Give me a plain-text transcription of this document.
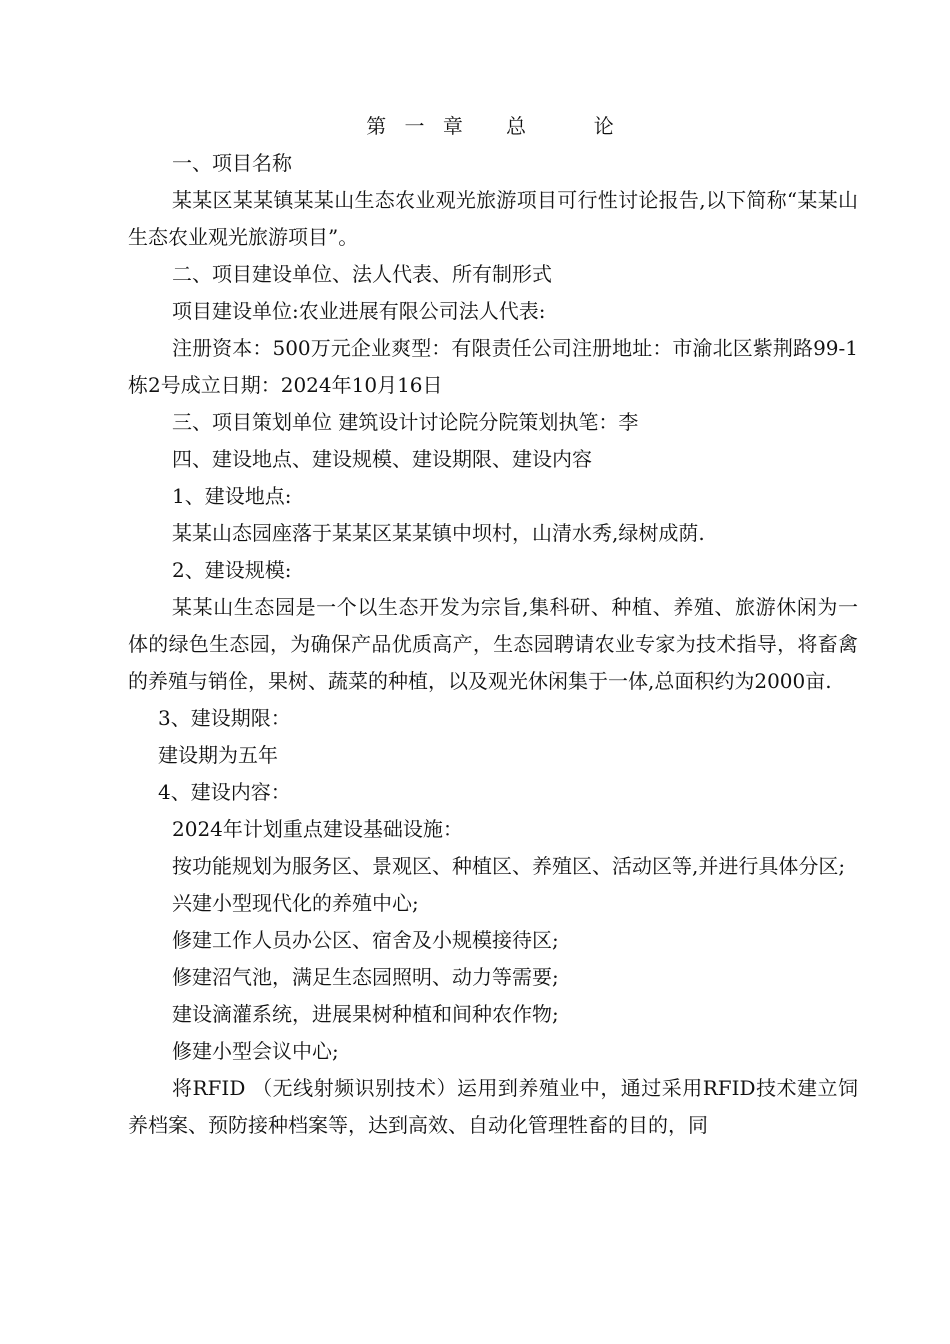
第 一 章   总     论

一、项目名称

某某区某某镇某某山生态农业观光旅游项目可行性讨论报告,以下简称“某某山生态农业观光旅游项目”。

二、项目建设单位、法人代表、所有制形式

项目建设单位:农业进展有限公司法人代表:

注册资本：500万元企业爽型：有限责任公司注册地址：市渝北区紫荆路99-1栋2号成立日期：2024年10月16日

三、项目策划单位 建筑设计讨论院分院策划执笔：李

四、建设地点、建设规模、建设期限、建设内容

1、建设地点:

某某山态园座落于某某区某某镇中坝村，山清水秀,绿树成荫.

2、建设规模:

某某山生态园是一个以生态开发为宗旨,集科研、种植、养殖、旅游休闲为一体的绿色生态园，为确保产品优质高产，生态园聘请农业专家为技术指导，将畜禽的养殖与销佺，果树、蔬菜的种植，以及观光休闲集于一体,总面积约为2000亩.

3、建设期限：

建设期为五年

4、建设内容：

2024年计划重点建设基础设施：

按功能规划为服务区、景观区、种植区、养殖区、活动区等,并进行具体分区;

兴建小型现代化的养殖中心;

修建工作人员办公区、宿舍及小规模接待区;

修建沼气池，满足生态园照明、动力等需要;

建设滴灌系统，进展果树种植和间种农作物;

修建小型会议中心;

将RFID （无线射频识别技术）运用到养殖业中，通过采用RFID技术建立饲养档案、预防接种档案等，达到高效、自动化管理牲畜的目的，同
